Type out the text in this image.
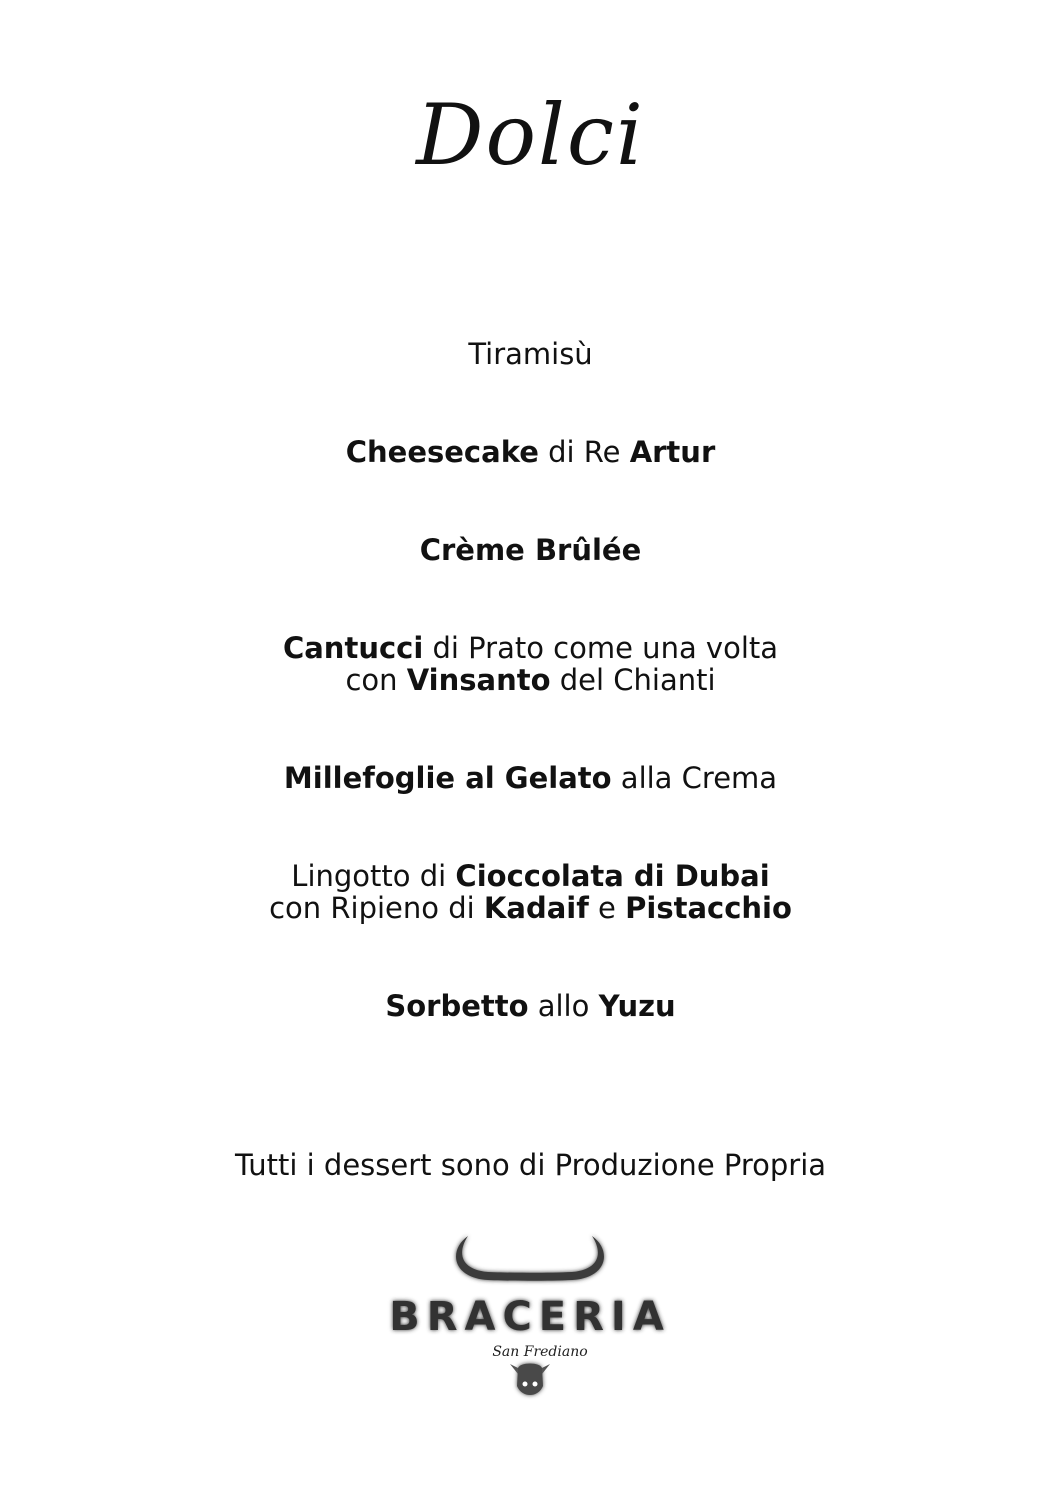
Dolci
Tiramisù
Cheesecake di Re Artur
Crème Brûlée
Cantucci di Prato come una volta
con Vinsanto del Chianti
Millefoglie al Gelato alla Crema
Lingotto di Cioccolata di Dubai
con Ripieno di Kadaif e Pistacchio
Sorbetto allo Yuzu
Tutti i dessert sono di Produzione Propria
BRACERIA
San Frediano
